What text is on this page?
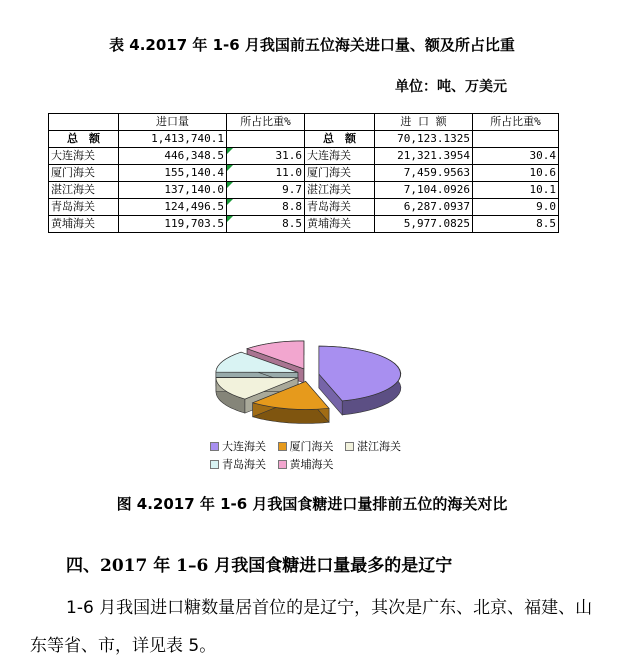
表 4.2017 年 1-6 月我国前五位海关进口量、额及所占比重
单位：吨、万美元
	进口量	所占比重%		进 口 额	所占比重%
总　额	1,413,740.1		总　额	70,123.1325	
大连海关	446,348.5	31.6	大连海关	21,321.3954	30.4
厦门海关	155,140.4	11.0	厦门海关	7,459.9563	10.6
湛江海关	137,140.0	9.7	湛江海关	7,104.0926	10.1
青岛海关	124,496.5	8.8	青岛海关	6,287.0937	9.0
黄埔海关	119,703.5	8.5	黄埔海关	5,977.0825	8.5
大连海关
厦门海关
湛江海关

青岛海关
黄埔海关
图 4.2017 年 1-6 月我国食糖进口量排前五位的海关对比
四、2017 年 1–6 月我国食糖进口量最多的是辽宁
1-6 月我国进口糖数量居首位的是辽宁，其次是广东、北京、福建、山东等省、市，详见表 5。
